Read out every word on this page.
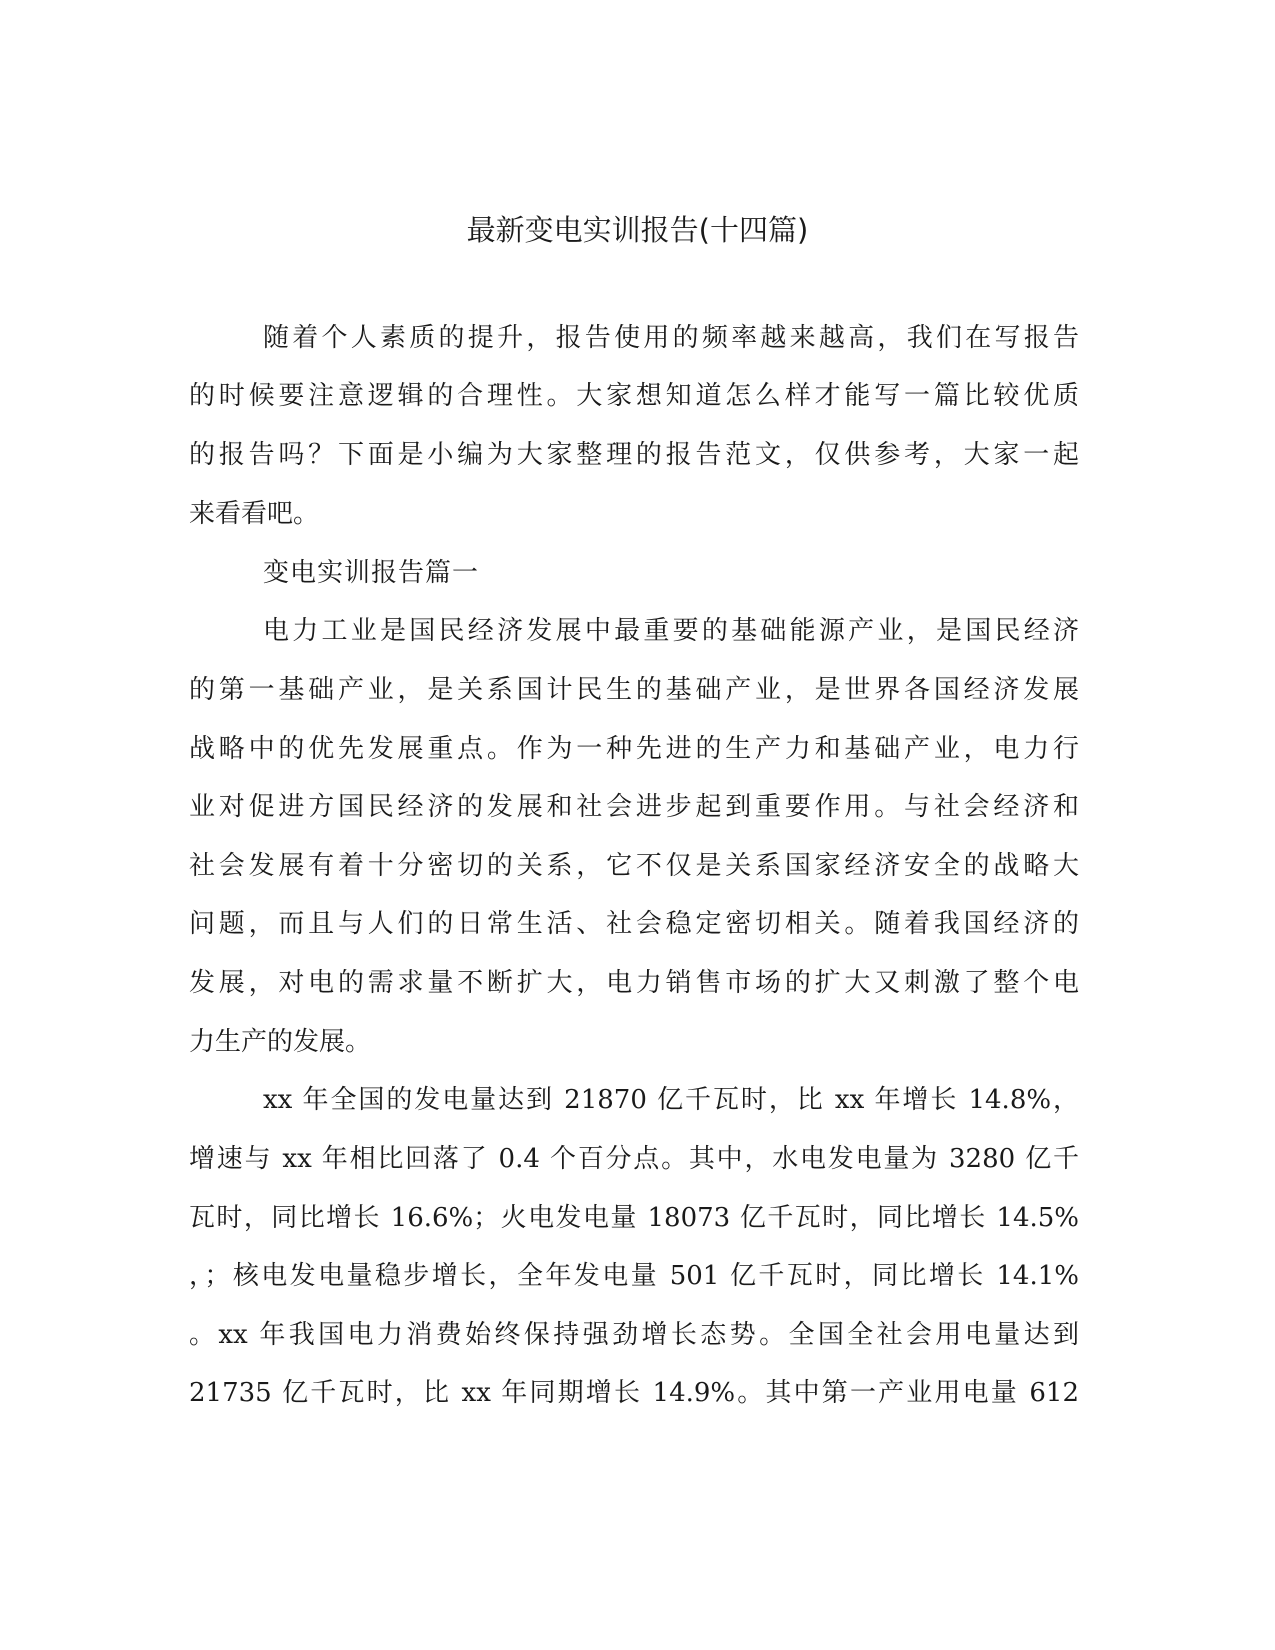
最新变电实训报告(十四篇)
随着个人素质的提升，报告使用的频率越来越高，我们在写报告
的时候要注意逻辑的合理性。大家想知道怎么样才能写一篇比较优质
的报告吗？下面是小编为大家整理的报告范文，仅供参考，大家一起
来看看吧。
变电实训报告篇一
电力工业是国民经济发展中最重要的基础能源产业，是国民经济
的第一基础产业，是关系国计民生的基础产业，是世界各国经济发展
战略中的优先发展重点。作为一种先进的生产力和基础产业，电力行
业对促进方国民经济的发展和社会进步起到重要作用。与社会经济和
社会发展有着十分密切的关系，它不仅是关系国家经济安全的战略大
问题，而且与人们的日常生活、社会稳定密切相关。随着我国经济的
发展，对电的需求量不断扩大，电力销售市场的扩大又刺激了整个电
力生产的发展。
xx 年全国的发电量达到 21870 亿千瓦时，比 xx 年增长 14.8%，
增速与 xx 年相比回落了 0.4 个百分点。其中，水电发电量为 3280 亿千
瓦时，同比增长 16.6%；火电发电量 18073 亿千瓦时，同比增长 14.5%
，；核电发电量稳步增长，全年发电量 501 亿千瓦时，同比增长 14.1%
。xx 年我国电力消费始终保持强劲增长态势。全国全社会用电量达到
21735 亿千瓦时，比 xx 年同期增长 14.9%。其中第一产业用电量 612
